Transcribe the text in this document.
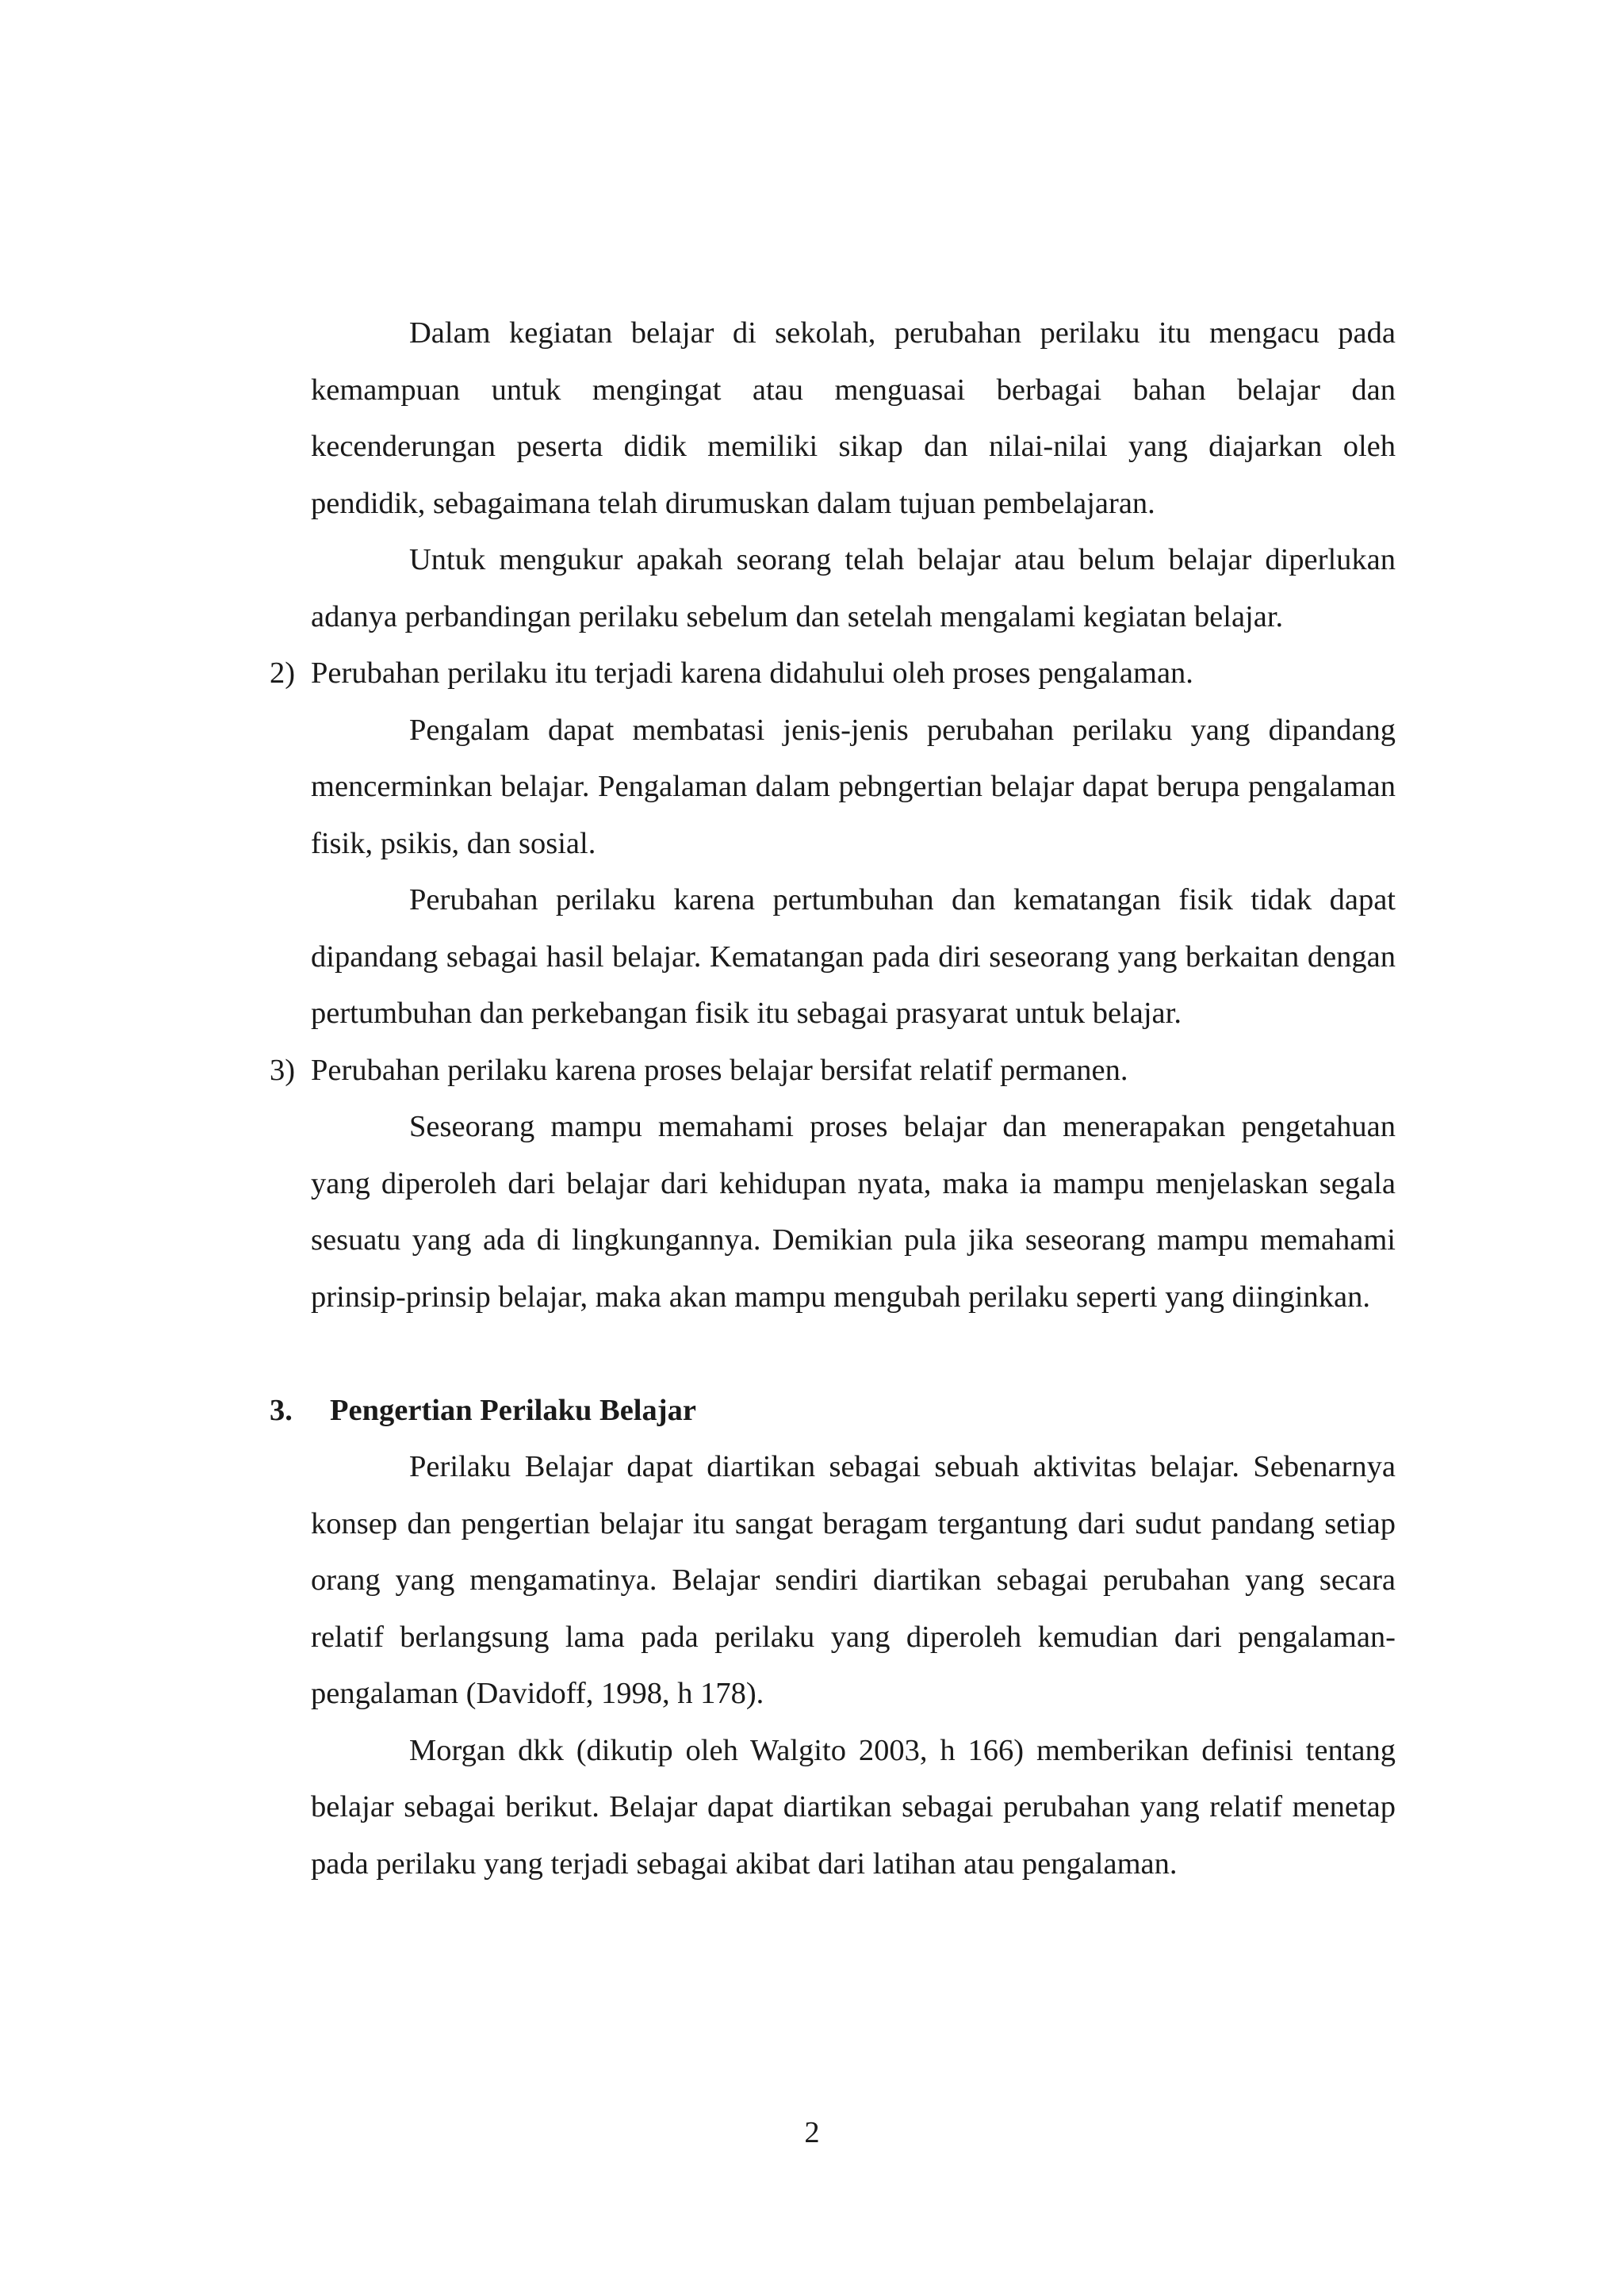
Dalam kegiatan belajar di sekolah, perubahan perilaku itu mengacu pada kemampuan untuk mengingat atau menguasai berbagai bahan belajar dan kecenderungan peserta didik memiliki sikap dan nilai-nilai yang diajarkan oleh pendidik, sebagaimana telah dirumuskan dalam tujuan pembelajaran.

Untuk mengukur apakah seorang telah belajar atau belum belajar diperlukan adanya perbandingan perilaku sebelum dan setelah mengalami kegiatan belajar.

2) Perubahan perilaku itu terjadi karena didahului oleh proses pengalaman.

Pengalam dapat membatasi jenis-jenis perubahan perilaku yang dipandang mencerminkan belajar. Pengalaman dalam pebngertian belajar dapat berupa pengalaman fisik, psikis, dan sosial.

Perubahan perilaku karena pertumbuhan dan kematangan fisik tidak dapat dipandang sebagai hasil belajar. Kematangan pada diri seseorang yang berkaitan dengan pertumbuhan dan perkebangan fisik itu sebagai prasyarat untuk belajar.

3) Perubahan perilaku karena proses belajar bersifat relatif permanen.

Seseorang mampu memahami proses belajar dan menerapakan pengetahuan yang diperoleh dari belajar dari kehidupan nyata, maka ia mampu menjelaskan segala sesuatu yang ada di lingkungannya. Demikian pula jika seseorang mampu memahami prinsip-prinsip belajar, maka akan mampu mengubah perilaku seperti yang diinginkan.

3. Pengertian Perilaku Belajar

Perilaku Belajar dapat diartikan sebagai sebuah aktivitas belajar. Sebenarnya konsep dan pengertian belajar itu sangat beragam tergantung dari sudut pandang setiap orang yang mengamatinya. Belajar sendiri diartikan sebagai perubahan yang secara relatif berlangsung lama pada perilaku yang diperoleh kemudian dari pengalaman-pengalaman (Davidoff, 1998, h 178).

Morgan dkk (dikutip oleh Walgito 2003, h 166) memberikan definisi tentang belajar sebagai berikut. Belajar dapat diartikan sebagai perubahan yang relatif menetap pada perilaku yang terjadi sebagai akibat dari latihan atau pengalaman.

2
